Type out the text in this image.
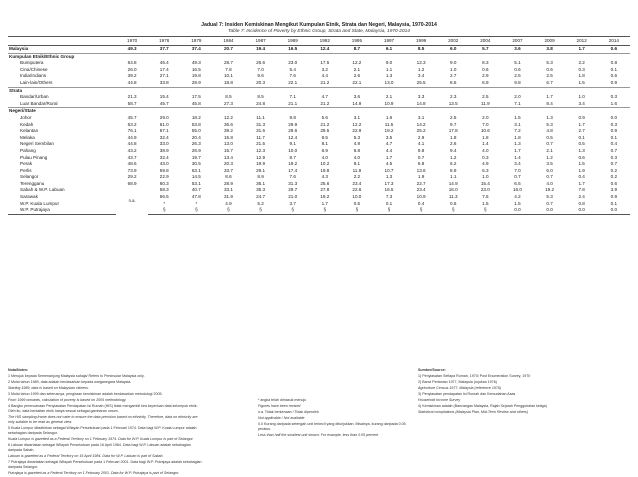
Jadual 7: Insiden Kemiskinan Mengikut Kumpulan Etnik, Strata dan Negeri, Malaysia, 1970-2014
Table 7: Incidence of Poverty by Ethnic Group, Strata and State, Malaysia, 1970-2014
	1970	1976	1979	1984	1987	1989	1992	1995	1997	1999	2002	2004	2007	2009	2012	2014
Malaysia	49.3	37.7	37.4	20.7	19.4	16.5	12.4	8.7	6.1	8.5	6.0	5.7	3.6	3.8	1.7	0.6
Kumpulan Etnik/Ethnic Group																
Bumiputera	64.8	46.4	49.3	28.7	26.6	23.0	17.5	12.2	9.0	12.3	9.0	8.3	5.1	5.3	2.2	0.8
Cina/Chinese	26.0	17.4	16.5	7.8	7.0	5.4	3.2	2.1	1.1	1.2	1.0	0.6	0.6	0.6	0.3	0.1
India/Indians	39.2	27.1	19.8	10.1	9.6	7.6	4.4	2.6	1.3	3.4	2.7	2.9	2.5	2.5	1.8	0.6
Lain-lain/Others	44.8	33.8	28.9	18.8	20.3	22.1	21.2	22.1	13.0	25.5	8.5	6.9	9.8	6.7	1.5	0.9
Strata																
Bandar/Urban	21.3	15.4	17.5	8.5	8.5	7.1	4.7	3.6	2.1	3.3	2.3	2.5	2.0	1.7	1.0	0.3
Luar Bandar/Rural	58.7	45.7	45.8	27.3	24.8	21.1	21.2	14.9	10.9	14.8	13.5	11.9	7.1	8.4	3.4	1.6
Negeri/State																
Johor	45.7	29.0	18.2	12.2	11.1	9.8	5.6	3.1	1.6	3.1	2.5	2.0	1.5	1.3	0.9	0.0
Kedah	63.2	61.0	53.8	36.6	31.3	29.9	21.2	12.2	11.5	14.2	9.7	7.0	3.1	5.3	1.7	0.3
Kelantan	76.1	67.1	55.0	39.2	31.6	29.6	29.5	22.9	19.2	25.2	17.8	10.6	7.2	4.8	2.7	0.9
Melaka	44.9	32.4	20.4	15.8	11.7	12.4	8.5	5.3	3.5	2.9	1.8	1.8	1.8	0.5	0.1	0.1
Negeri Sembilan	44.8	33.0	26.3	13.0	21.5	9.1	8.1	4.9	4.7	4.1	2.6	1.4	1.3	0.7	0.5	0.4
Pahang	43.2	38.9	26.9	15.7	12.3	10.0	6.9	6.8	4.4	9.8	9.4	4.0	1.7	2.1	1.3	0.7
Pulau Pinang	43.7	32.4	19.7	13.4	12.9	8.7	4.0	4.0	1.7	0.7	1.2	0.3	1.4	1.2	0.6	0.3
Perak	48.6	43.0	30.5	20.3	19.9	19.2	10.2	9.1	4.5	6.8	6.2	4.9	3.4	3.5	1.5	0.7
Perlis	73.9	59.8	63.1	33.7	29.1	17.4	19.8	11.8	10.7	13.6	8.9	6.3	7.0	6.0	1.9	0.2
Selangor	29.2	22.9	14.5	8.6	8.9	7.6	4.3	2.2	1.3	1.9	1.1	1.0	0.7	0.7	0.4	0.2
Terengganu	68.9	60.3	53.1	28.9	36.1	31.3	25.6	23.4	17.3	22.7	14.9	15.4	6.5	4.0	1.7	0.6
Sabah & W.P. Labuan	n.a.	58.3	40.7	33.1	35.3	29.7	27.8	22.6	16.5	23.4	16.0	23.0	16.0	19.2	7.8	3.9
Sarawak		56.5	47.8	31.9	24.7	21.0	19.2	10.0	7.3	10.9	11.3	7.5	4.2	5.3	2.4	0.9
W.P. Kuala Lumpur		*	*	4.9	5.2	3.7	1.7	0.5	0.1	0.4	0.5	1.5	1.5	0.7	0.8	0.1
W.P. Putrajaya		§	§	§	§	§	§	§	§	§	§	§	0.0	0.0	0.0	0.0

Nota/Notes:

1 Merujuk kepada Semenanjung Malaysia sahaja/ Refers to Peninsular Malaysia only.

2 Mulai tahun 1989, data adalah berdasarkan kepada warganegara Malaysia.

Starting 1989, data is based on Malaysian citizens.

3 Mulai tahun 1999 dan seterusnya, pengiraan kemiskinan adalah berdasarkan metodologi 2005.

From 1999 onwards, calculation of poverty is based on 2005 methodology.

4 Bangku perencanaan Penyiasatan Pendapatan Isi Rumah (HIS) tidak mengambil kira keperluan data kelompok etnik. Oleh itu, data berkaitan etnik hanya sesuai sebagai gambaran umum.

The HIS sampling frame does not cater to ensure the data precision based on ethnicity. Therefore, data on ethnicity are only suitable to be read as general view.

5 Kuala Lumpur ditadbirkan sebagai Wilayah Persekutuan pada 1 Februari 1974. Data bagi W.P. Kuala Lumpur adalah sebahagian daripada Selangor.

Kuala Lumpur is gazetted as a Federal Territory on 1 February 1974. Data for W.P. Kuala Lumpur is part of Selangor.

6 Labuan diwartakan sebagai Wilayah Persekutuan pada 16 April 1984. Data bagi W.P. Labuan adalah sebahagian daripada Sabah.

Labuan is gazetted as a Federal Territory on 16 April 1984. Data for W.P. Labuan is part of Sabah.

7 Putrajaya diwartakan sebagai Wilayah Persekutuan pada 1 Februari 2001. Data bagi W.P. Putrajaya adalah sebahagian daripada Selangor.

Putrajaya is gazetted as a Federal Territory on 1 February 2001. Data for W.P. Putrajaya is part of Selangor.

* angka telah dimasuk menuju

Figures have been revised

n.a. Tidak berkenaan / Tidak diperoleh

Not applicable / Not available

0.0 Kurang daripada setengah unit terkecil yang ditunjukkan. Misalnya, kurang daripada 0.05 peratus.

Less than half the smallest unit shown. For example, less than 0.05 percent

Sumber/Source:

1) Penyiasatan Sefiapa Rumah, 1970/ Post Enumeration Survey, 1970

2) Banci Pertanian 1977, Malaysia (rujukan 1976)

Agriculture Census 1977, Malaysia (reference 1976)

3) Penyiasatan pendapatan Isi Rumah dan Kemudahan Asas

Household Income Survey

4) Kemiskinan adalah (Bancangan Malaysia, Rajah Sejarah Penggubalan ketiga)

Statistical compilations (Malaysia Plan, Mid-Term Review and others)
